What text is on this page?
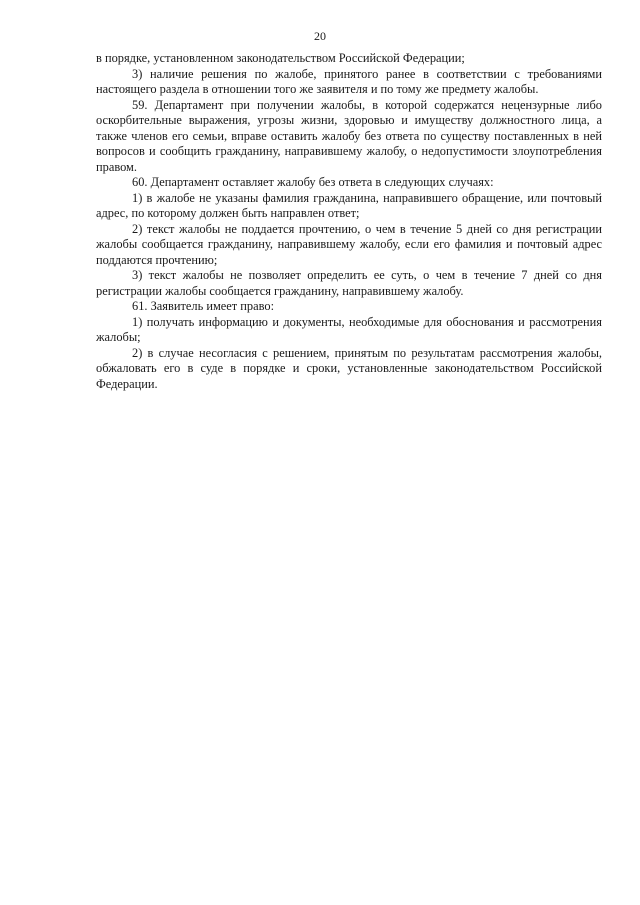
20

в порядке, установленном законодательством Российской Федерации;

3) наличие решения по жалобе, принятого ранее в соответствии с требованиями настоящего раздела в отношении того же заявителя и по тому же предмету жалобы.

59. Департамент при получении жалобы, в которой содержатся нецензурные либо оскорбительные выражения, угрозы жизни, здоровью и имуществу должностного лица, а также членов его семьи, вправе оставить жалобу без ответа по существу поставленных в ней вопросов и сообщить гражданину, направившему жалобу, о недопустимости злоупотребления правом.

60. Департамент оставляет жалобу без ответа в следующих случаях:

1) в жалобе не указаны фамилия гражданина, направившего обращение, или почтовый адрес, по которому должен быть направлен ответ;

2) текст жалобы не поддается прочтению, о чем в течение 5 дней со дня регистрации жалобы сообщается гражданину, направившему жалобу, если его фамилия и почтовый адрес поддаются прочтению;

3) текст жалобы не позволяет определить ее суть, о чем в течение 7 дней со дня регистрации жалобы сообщается гражданину, направившему жалобу.

61. Заявитель имеет право:

1) получать информацию и документы, необходимые для обоснования и рассмотрения жалобы;

2) в случае несогласия с решением, принятым по результатам рассмотрения жалобы, обжаловать его в суде в порядке и сроки, установленные законодательством Российской Федерации.
